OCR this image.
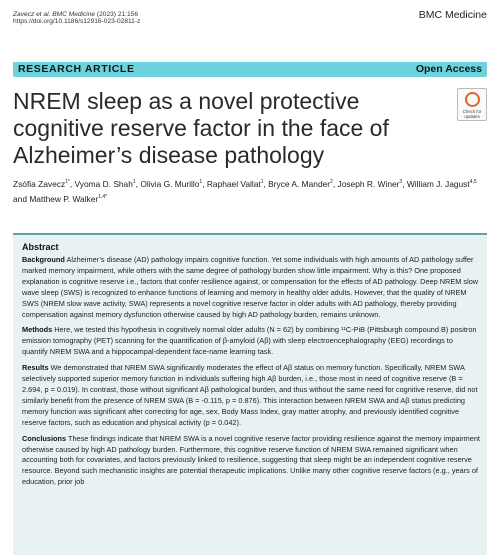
Zavecz et al. BMC Medicine (2023) 21:156
https://doi.org/10.1186/s12916-023-02811-z
BMC Medicine
RESEARCH ARTICLE	Open Access
NREM sleep as a novel protective cognitive reserve factor in the face of Alzheimer’s disease pathology
Check for
updates
Zsófia Zavecz$^{1*}$, Vyoma D. Shah$^1$, Olivia G. Murillo$^1$, Raphael Vallat$^1$, Bryce A. Mander$^2$, Joseph R. Winer$^3$, William J. Jagust$^{4,5}$ and Matthew P. Walker$^{1,4*}$
Abstract

Background Alzheimer’s disease (AD) pathology impairs cognitive function. Yet some individuals with high amounts of AD pathology suffer marked memory impairment, while others with the same degree of pathology burden show little impairment. Why is this? One proposed explanation is cognitive reserve i.e., factors that confer resilience against, or compensation for the effects of AD pathology. Deep NREM slow wave sleep (SWS) is recognized to enhance functions of learning and memory in healthy older adults. However, that the quality of NREM SWS (NREM slow wave activity, SWA) represents a novel cognitive reserve factor in older adults with AD pathology, thereby providing compensation against memory dysfunction otherwise caused by high AD pathology burden, remains unknown.

Methods Here, we tested this hypothesis in cognitively normal older adults (N = 62) by combining ¹¹C-PiB (Pittsburgh compound B) positron emission tomography (PET) scanning for the quantification of β-amyloid (Aβ) with sleep electroencephalography (EEG) recordings to quantify NREM SWA and a hippocampal-dependent face-name learning task.

Results We demonstrated that NREM SWA significantly moderates the effect of Aβ status on memory function. Specifically, NREM SWA selectively supported superior memory function in individuals suffering high Aβ burden, i.e., those most in need of cognitive reserve (B = 2.694, p = 0.019). In contrast, those without significant Aβ pathological burden, and thus without the same need for cognitive reserve, did not similarly benefit from the presence of NREM SWA (B = -0.115, p = 0.876). This interaction between NREM SWA and Aβ status predicting memory function was significant after correcting for age, sex, Body Mass Index, gray matter atrophy, and previously identified cognitive reserve factors, such as education and physical activity (p = 0.042).

Conclusions These findings indicate that NREM SWA is a novel cognitive reserve factor providing resilience against the memory impairment otherwise caused by high AD pathology burden. Furthermore, this cognitive reserve function of NREM SWA remained significant when accounting both for covariates, and factors previously linked to resilience, suggesting that sleep might be an independent cognitive reserve resource. Beyond such mechanistic insights are potential therapeutic implications. Unlike many other cognitive reserve factors (e.g., years of education, prior job
